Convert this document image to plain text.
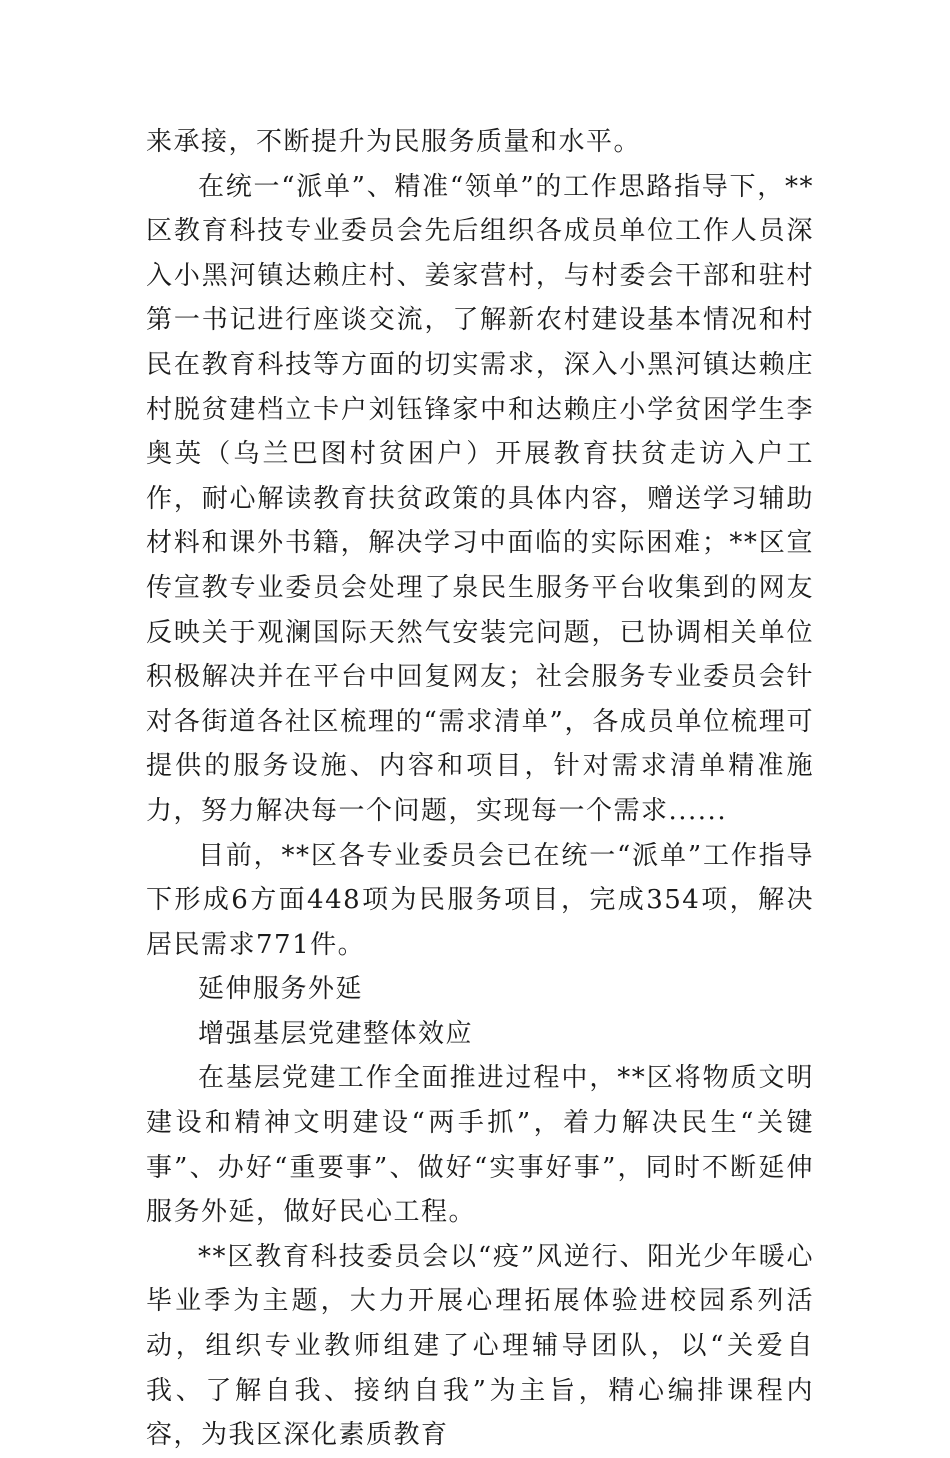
来承接，不断提升为民服务质量和水平。

在统一“派单”、精准“领单”的工作思路指导下，**区教育科技专业委员会先后组织各成员单位工作人员深入小黑河镇达赖庄村、姜家营村，与村委会干部和驻村第一书记进行座谈交流，了解新农村建设基本情况和村民在教育科技等方面的切实需求，深入小黑河镇达赖庄村脱贫建档立卡户刘钰锋家中和达赖庄小学贫困学生李奥英（乌兰巴图村贫困户）开展教育扶贫走访入户工作，耐心解读教育扶贫政策的具体内容，赠送学习辅助材料和课外书籍，解决学习中面临的实际困难；**区宣传宣教专业委员会处理了泉民生服务平台收集到的网友反映关于观澜国际天然气安装完问题，已协调相关单位积极解决并在平台中回复网友；社会服务专业委员会针对各街道各社区梳理的“需求清单”，各成员单位梳理可提供的服务设施、内容和项目，针对需求清单精准施力，努力解决每一个问题，实现每一个需求......

目前，**区各专业委员会已在统一“派单”工作指导下形成6方面448项为民服务项目，完成354项，解决居民需求771件。

延伸服务外延

增强基层党建整体效应

在基层党建工作全面推进过程中，**区将物质文明建设和精神文明建设“两手抓”，着力解决民生“关键事”、办好“重要事”、做好“实事好事”，同时不断延伸服务外延，做好民心工程。

**区教育科技委员会以“疫”风逆行、阳光少年暖心毕业季为主题，大力开展心理拓展体验进校园系列活动，组织专业教师组建了心理辅导团队，以“关爱自我、了解自我、接纳自我”为主旨，精心编排课程内容，为我区深化素质教育
